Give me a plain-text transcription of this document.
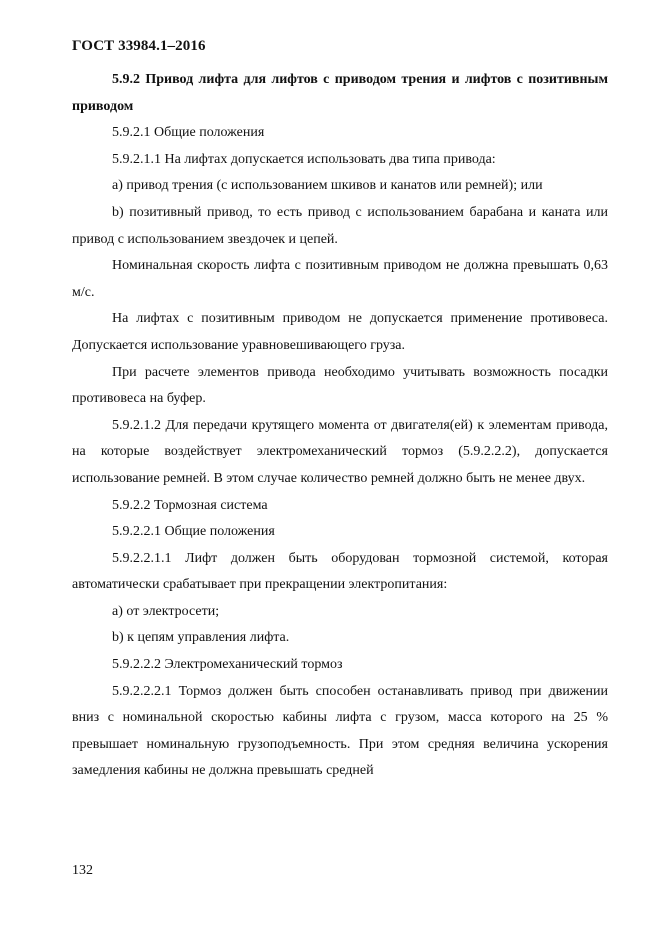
ГОСТ 33984.1–2016

5.9.2 Привод лифта для лифтов с приводом трения и лифтов с позитивным приводом

5.9.2.1 Общие положения

5.9.2.1.1 На лифтах допускается использовать два типа привода:

а) привод трения (с использованием шкивов и канатов или ремней); или

b) позитивный привод, то есть привод с использованием барабана и каната или привод с использованием звездочек и цепей.

Номинальная скорость лифта с позитивным приводом не должна превышать 0,63 м/с.

На лифтах с позитивным приводом не допускается применение противовеса. Допускается использование уравновешивающего груза.

При расчете элементов привода необходимо учитывать возможность посадки противовеса на буфер.

5.9.2.1.2 Для передачи крутящего момента от двигателя(ей) к элементам привода, на которые воздействует электромеханический тормоз (5.9.2.2.2), допускается использование ремней. В этом случае количество ремней должно быть не менее двух.

5.9.2.2 Тормозная система

5.9.2.2.1 Общие положения

5.9.2.2.1.1 Лифт должен быть оборудован тормозной системой, которая автоматически срабатывает при прекращении электропитания:

а) от электросети;

b) к цепям управления лифта.

5.9.2.2.2 Электромеханический тормоз

5.9.2.2.2.1 Тормоз должен быть способен останавливать привод при движении вниз с номинальной скоростью кабины лифта с грузом, масса которого на 25 % превышает номинальную грузоподъемность. При этом средняя величина ускорения замедления кабины не должна превышать средней

132
